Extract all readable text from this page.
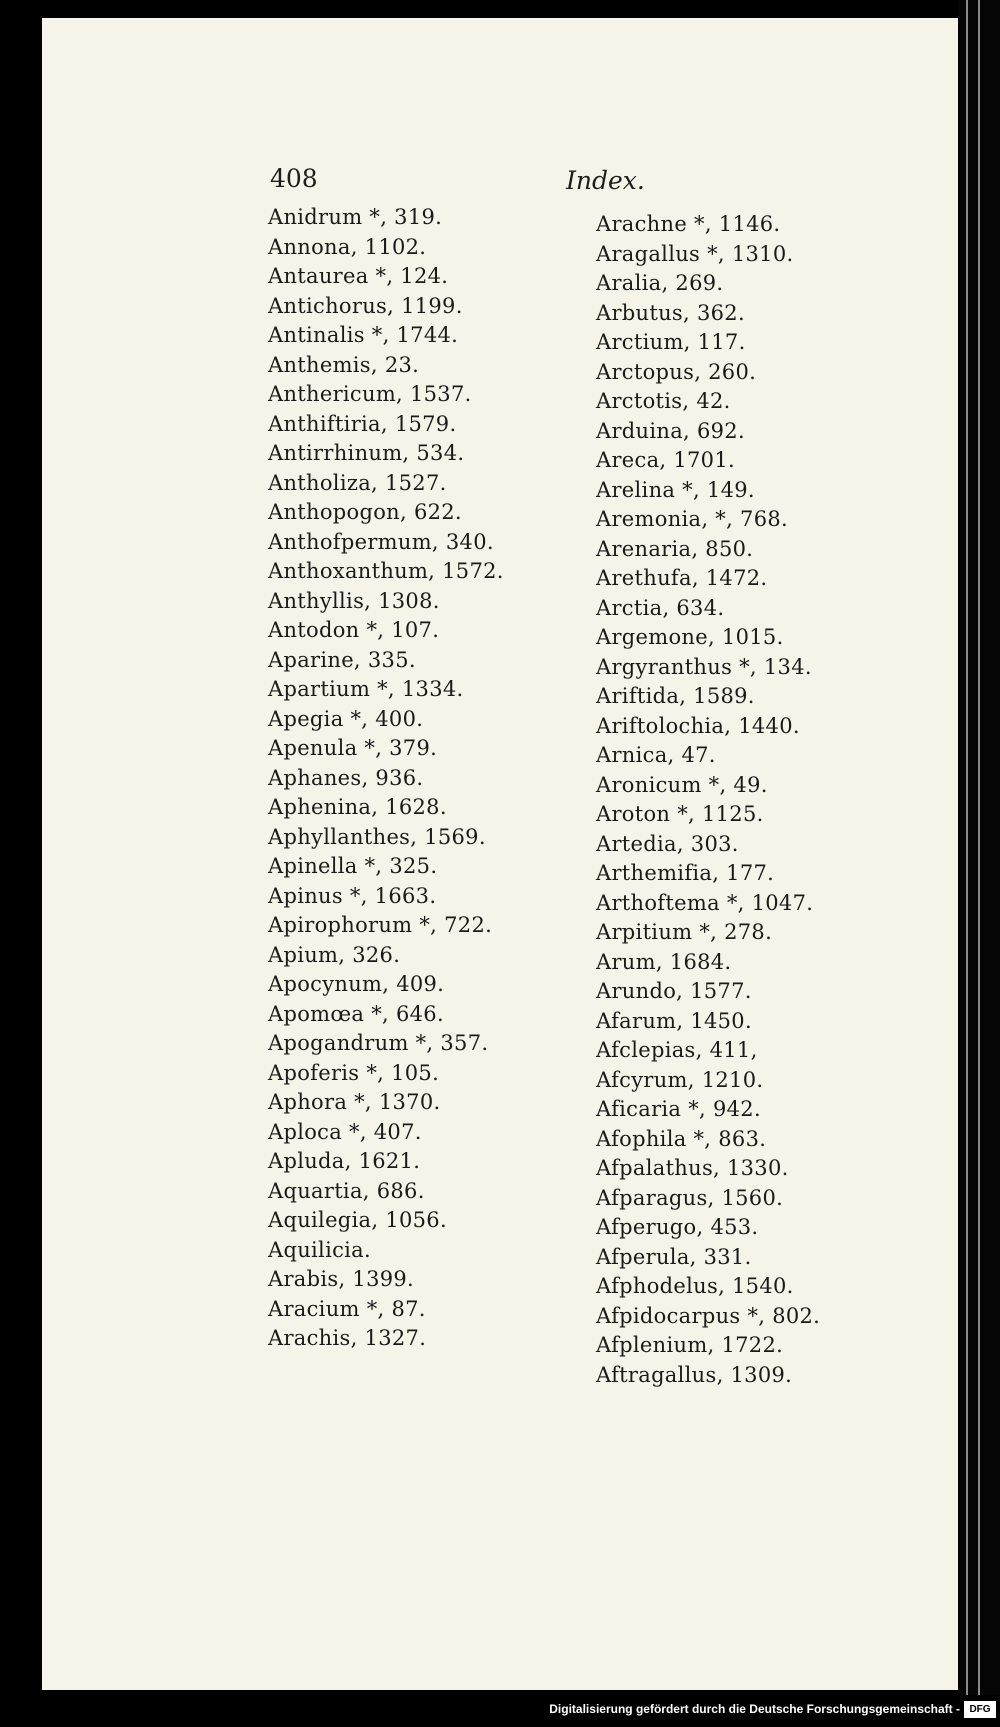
408	Index.
Anidrum *, 319.
Annona, 1102.
Antaurea *, 124.
Antichorus, 1199.
Antinalis *, 1744.
Anthemis, 23.
Anthericum, 1537.
Anthiftiria, 1579.
Antirrhinum, 534.
Antholiza, 1527.
Anthopogon, 622.
Anthofpermum, 340.
Anthoxanthum, 1572.
Anthyllis, 1308.
Antodon *, 107.
Aparine, 335.
Apartium *, 1334.
Apegia *, 400.
Apenula *, 379.
Aphanes, 936.
Aphenina, 1628.
Aphyllanthes, 1569.
Apinella *, 325.
Apinus *, 1663.
Apirophorum *, 722.
Apium, 326.
Apocynum, 409.
Apomœa *, 646.
Apogandrum *, 357.
Apoferis *, 105.
Aphora *, 1370.
Aploca *, 407.
Apluda, 1621.
Aquartia, 686.
Aquilegia, 1056.
Aquilicia.
Arabis, 1399.
Aracium *, 87.
Arachis, 1327.
Arachne *, 1146.
Aragallus *, 1310.
Aralia, 269.
Arbutus, 362.
Arctium, 117.
Arctopus, 260.
Arctotis, 42.
Arduina, 692.
Areca, 1701.
Arelina *, 149.
Aremonia, *, 768.
Arenaria, 850.
Arethufa, 1472.
Arctia, 634.
Argemone, 1015.
Argyranthus *, 134.
Ariftida, 1589.
Ariftolochia, 1440.
Arnica, 47.
Aronicum *, 49.
Aroton *, 1125.
Artedia, 303.
Arthemifia, 177.
Arthoftema *, 1047.
Arpitium *, 278.
Arum, 1684.
Arundo, 1577.
Afarum, 1450.
Afclepias, 411,
Afcyrum, 1210.
Aficaria *, 942.
Afophila *, 863.
Afpalathus, 1330.
Afparagus, 1560.
Afperugo, 453.
Afperula, 331.
Afphodelus, 1540.
Afpidocarpus *, 802.
Afplenium, 1722.
Aftragallus, 1309.
Digitalisierung gefördert durch die Deutsche Forschungsgemeinschaft - DFG
